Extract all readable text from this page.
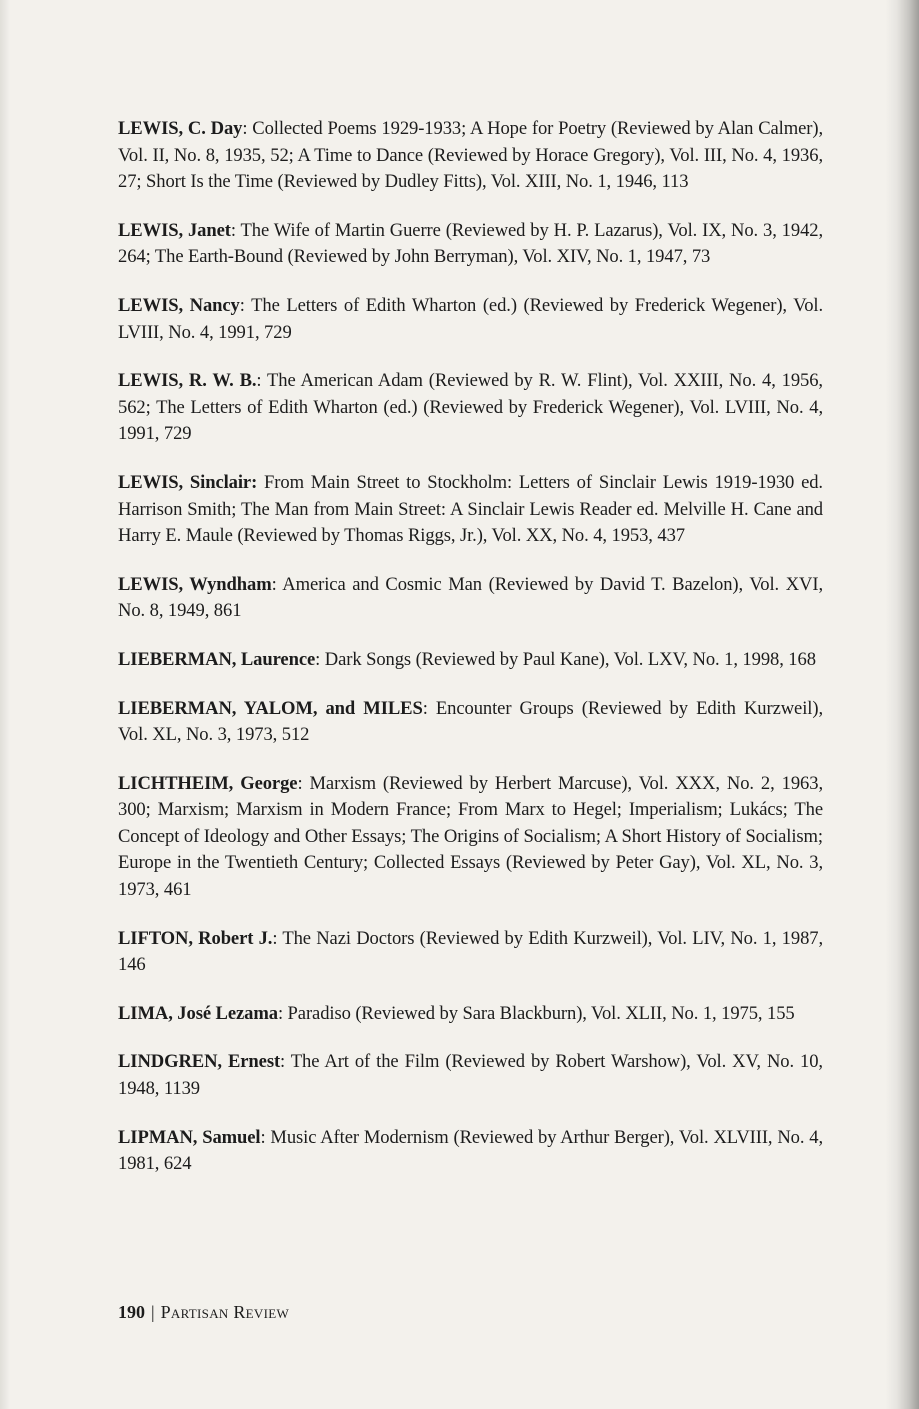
LEWIS, C. Day: Collected Poems 1929-1933; A Hope for Poetry (Reviewed by Alan Calmer), Vol. II, No. 8, 1935, 52; A Time to Dance (Reviewed by Horace Gregory), Vol. III, No. 4, 1936, 27; Short Is the Time (Reviewed by Dudley Fitts), Vol. XIII, No. 1, 1946, 113

LEWIS, Janet: The Wife of Martin Guerre (Reviewed by H. P. Lazarus), Vol. IX, No. 3, 1942, 264; The Earth-Bound (Reviewed by John Berryman), Vol. XIV, No. 1, 1947, 73

LEWIS, Nancy: The Letters of Edith Wharton (ed.) (Reviewed by Frederick Wegener), Vol. LVIII, No. 4, 1991, 729

LEWIS, R. W. B.: The American Adam (Reviewed by R. W. Flint), Vol. XXIII, No. 4, 1956, 562; The Letters of Edith Wharton (ed.) (Reviewed by Frederick Wegener), Vol. LVIII, No. 4, 1991, 729

LEWIS, Sinclair: From Main Street to Stockholm: Letters of Sinclair Lewis 1919-1930 ed. Harrison Smith; The Man from Main Street: A Sinclair Lewis Reader ed. Melville H. Cane and Harry E. Maule (Reviewed by Thomas Riggs, Jr.), Vol. XX, No. 4, 1953, 437

LEWIS, Wyndham: America and Cosmic Man (Reviewed by David T. Bazelon), Vol. XVI, No. 8, 1949, 861

LIEBERMAN, Laurence: Dark Songs (Reviewed by Paul Kane), Vol. LXV, No. 1, 1998, 168

LIEBERMAN, YALOM, and MILES: Encounter Groups (Reviewed by Edith Kurzweil), Vol. XL, No. 3, 1973, 512

LICHTHEIM, George: Marxism (Reviewed by Herbert Marcuse), Vol. XXX, No. 2, 1963, 300; Marxism; Marxism in Modern France; From Marx to Hegel; Imperialism; Lukács; The Concept of Ideology and Other Essays; The Origins of Socialism; A Short History of Socialism; Europe in the Twentieth Century; Collected Essays (Reviewed by Peter Gay), Vol. XL, No. 3, 1973, 461

LIFTON, Robert J.: The Nazi Doctors (Reviewed by Edith Kurzweil), Vol. LIV, No. 1, 1987, 146

LIMA, José Lezama: Paradiso (Reviewed by Sara Blackburn), Vol. XLII, No. 1, 1975, 155

LINDGREN, Ernest: The Art of the Film (Reviewed by Robert Warshow), Vol. XV, No. 10, 1948, 1139

LIPMAN, Samuel: Music After Modernism (Reviewed by Arthur Berger), Vol. XLVIII, No. 4, 1981, 624

190 | Partisan Review
